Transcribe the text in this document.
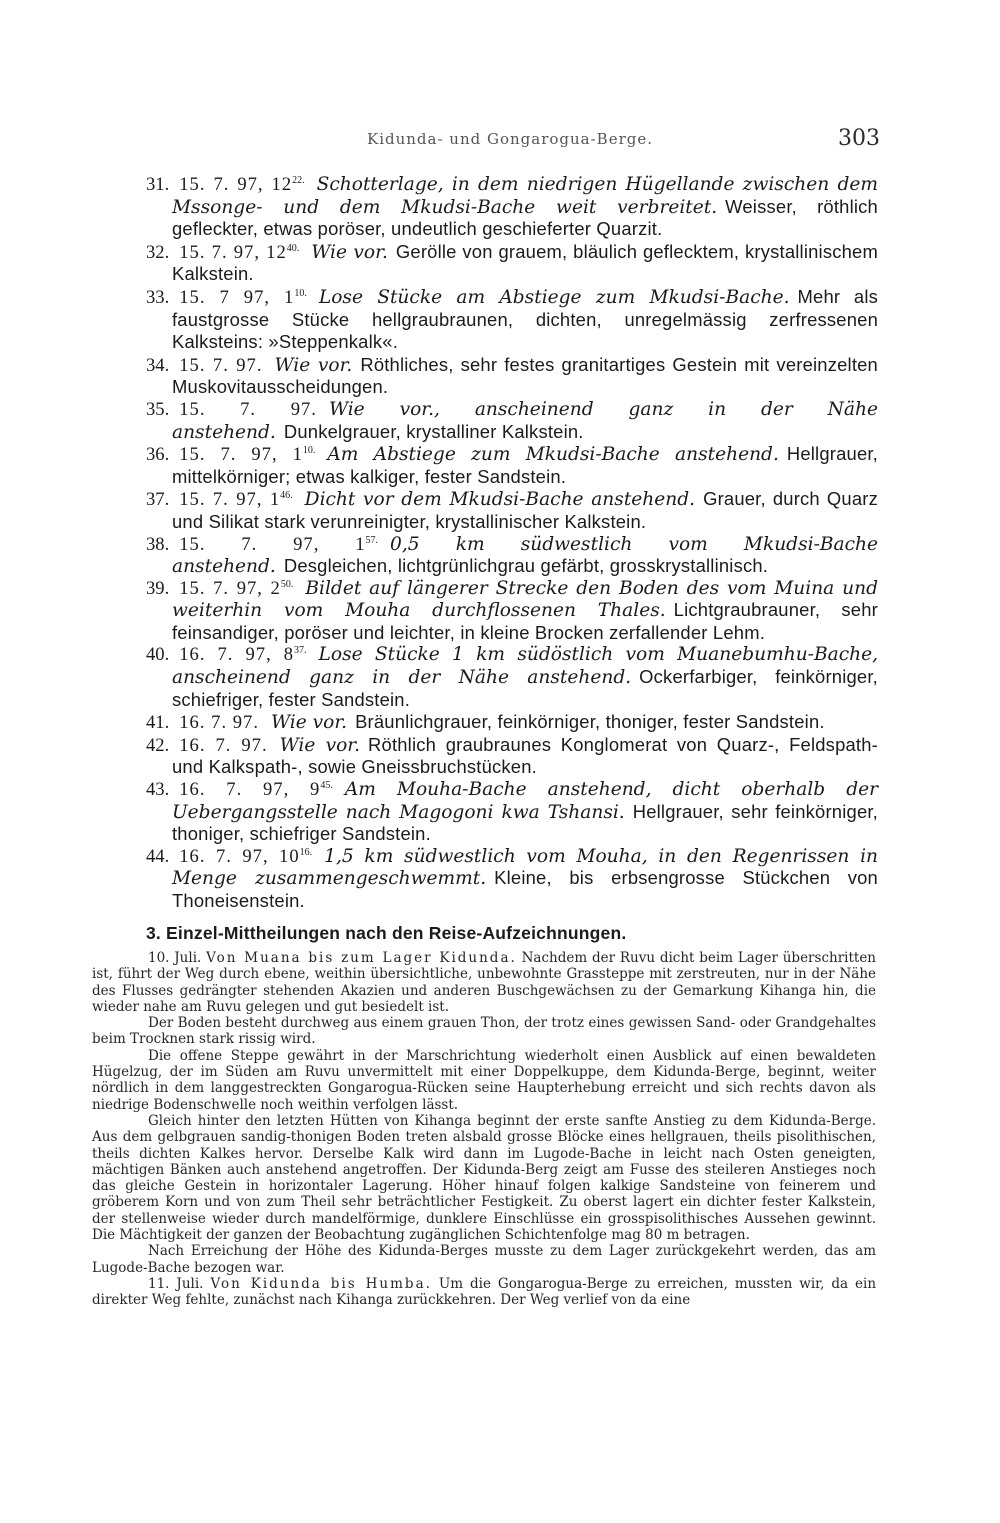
Kidunda- und Gongarogua-Berge.	303
31. 15. 7. 97, $12^{22.}$ Schotterlage, in dem niedrigen Hügellande zwischen dem Mssonge- und dem Mkudsi-Bache weit verbreitet. Weisser, röthlich gefleckter, etwas poröser, undeutlich geschieferter Quarzit.
32. 15. 7. 97, $12^{40.}$ Wie vor. Gerölle von grauem, bläulich geflecktem, krystallinischem Kalkstein.
33. 15. 7 97, $1^{10.}$ Lose Stücke am Abstiege zum Mkudsi-Bache. Mehr als faustgrosse Stücke hellgraubraunen, dichten, unregelmässig zerfressenen Kalksteins: »Steppenkalk«.
34. 15. 7. 97. Wie vor. Röthliches, sehr festes granitartiges Gestein mit vereinzelten Muskovitausscheidungen.
35. 15. 7. 97. Wie vor., anscheinend ganz in der Nähe anstehend. Dunkelgrauer, krystalliner Kalkstein.
36. 15. 7. 97, $1^{10.}$ Am Abstiege zum Mkudsi-Bache anstehend. Hellgrauer, mittelkörniger; etwas kalkiger, fester Sandstein.
37. 15. 7. 97, $1^{46.}$ Dicht vor dem Mkudsi-Bache anstehend. Grauer, durch Quarz und Silikat stark verunreinigter, krystallinischer Kalkstein.
38. 15. 7. 97, $1^{57.}$ 0,5 km südwestlich vom Mkudsi-Bache anstehend. Desgleichen, lichtgrünlichgrau gefärbt, grosskrystallinisch.
39. 15. 7. 97, $2^{50.}$ Bildet auf längerer Strecke den Boden des vom Muina und weiterhin vom Mouha durchflossenen Thales. Lichtgraubrauner, sehr feinsandiger, poröser und leichter, in kleine Brocken zerfallender Lehm.
40. 16. 7. 97, $8^{37.}$ Lose Stücke 1 km südöstlich vom Muanebumhu-Bache, anscheinend ganz in der Nähe anstehend. Ockerfarbiger, feinkörniger, schiefriger, fester Sandstein.
41. 16. 7. 97. Wie vor. Bräunlichgrauer, feinkörniger, thoniger, fester Sandstein.
42. 16. 7. 97. Wie vor. Röthlich graubraunes Konglomerat von Quarz-, Feldspath- und Kalkspath-, sowie Gneissbruchstücken.
43. 16. 7. 97, $9^{45.}$ Am Mouha-Bache anstehend, dicht oberhalb der Uebergangsstelle nach Magogoni kwa Tshansi. Hellgrauer, sehr feinkörniger, thoniger, schiefriger Sandstein.
44. 16. 7. 97, $10^{16.}$ 1,5 km südwestlich vom Mouha, in den Regenrissen in Menge zusammengeschwemmt. Kleine, bis erbsengrosse Stückchen von Thoneisenstein.
3. Einzel-Mittheilungen nach den Reise-Aufzeichnungen.

10. Juli. Von Muana bis zum Lager Kidunda. Nachdem der Ruvu dicht beim Lager überschritten ist, führt der Weg durch ebene, weithin übersichtliche, unbewohnte Grassteppe mit zerstreuten, nur in der Nähe des Flusses gedrängter stehenden Akazien und anderen Buschgewächsen zu der Gemarkung Kihanga hin, die wieder nahe am Ruvu gelegen und gut besiedelt ist.

Der Boden besteht durchweg aus einem grauen Thon, der trotz eines gewissen Sand- oder Grandgehaltes beim Trocknen stark rissig wird.

Die offene Steppe gewährt in der Marschrichtung wiederholt einen Ausblick auf einen bewaldeten Hügelzug, der im Süden am Ruvu unvermittelt mit einer Doppelkuppe, dem Kidunda-Berge, beginnt, weiter nördlich in dem langgestreckten Gongarogua-Rücken seine Haupterhebung erreicht und sich rechts davon als niedrige Bodenschwelle noch weithin verfolgen lässt.

Gleich hinter den letzten Hütten von Kihanga beginnt der erste sanfte Anstieg zu dem Kidunda-Berge. Aus dem gelbgrauen sandig-thonigen Boden treten alsbald grosse Blöcke eines hellgrauen, theils pisolithischen, theils dichten Kalkes hervor. Derselbe Kalk wird dann im Lugode-Bache in leicht nach Osten geneigten, mächtigen Bänken auch anstehend angetroffen. Der Kidunda-Berg zeigt am Fusse des steileren Anstieges noch das gleiche Gestein in horizontaler Lagerung. Höher hinauf folgen kalkige Sandsteine von feinerem und gröberem Korn und von zum Theil sehr beträchtlicher Festigkeit. Zu oberst lagert ein dichter fester Kalkstein, der stellenweise wieder durch mandelförmige, dunklere Einschlüsse ein grosspisolithisches Aussehen gewinnt. Die Mächtigkeit der ganzen der Beobachtung zugänglichen Schichtenfolge mag 80 m betragen.

Nach Erreichung der Höhe des Kidunda-Berges musste zu dem Lager zurückgekehrt werden, das am Lugode-Bache bezogen war.

11. Juli. Von Kidunda bis Humba. Um die Gongarogua-Berge zu erreichen, mussten wir, da ein direkter Weg fehlte, zunächst nach Kihanga zurückkehren. Der Weg verlief von da eine
